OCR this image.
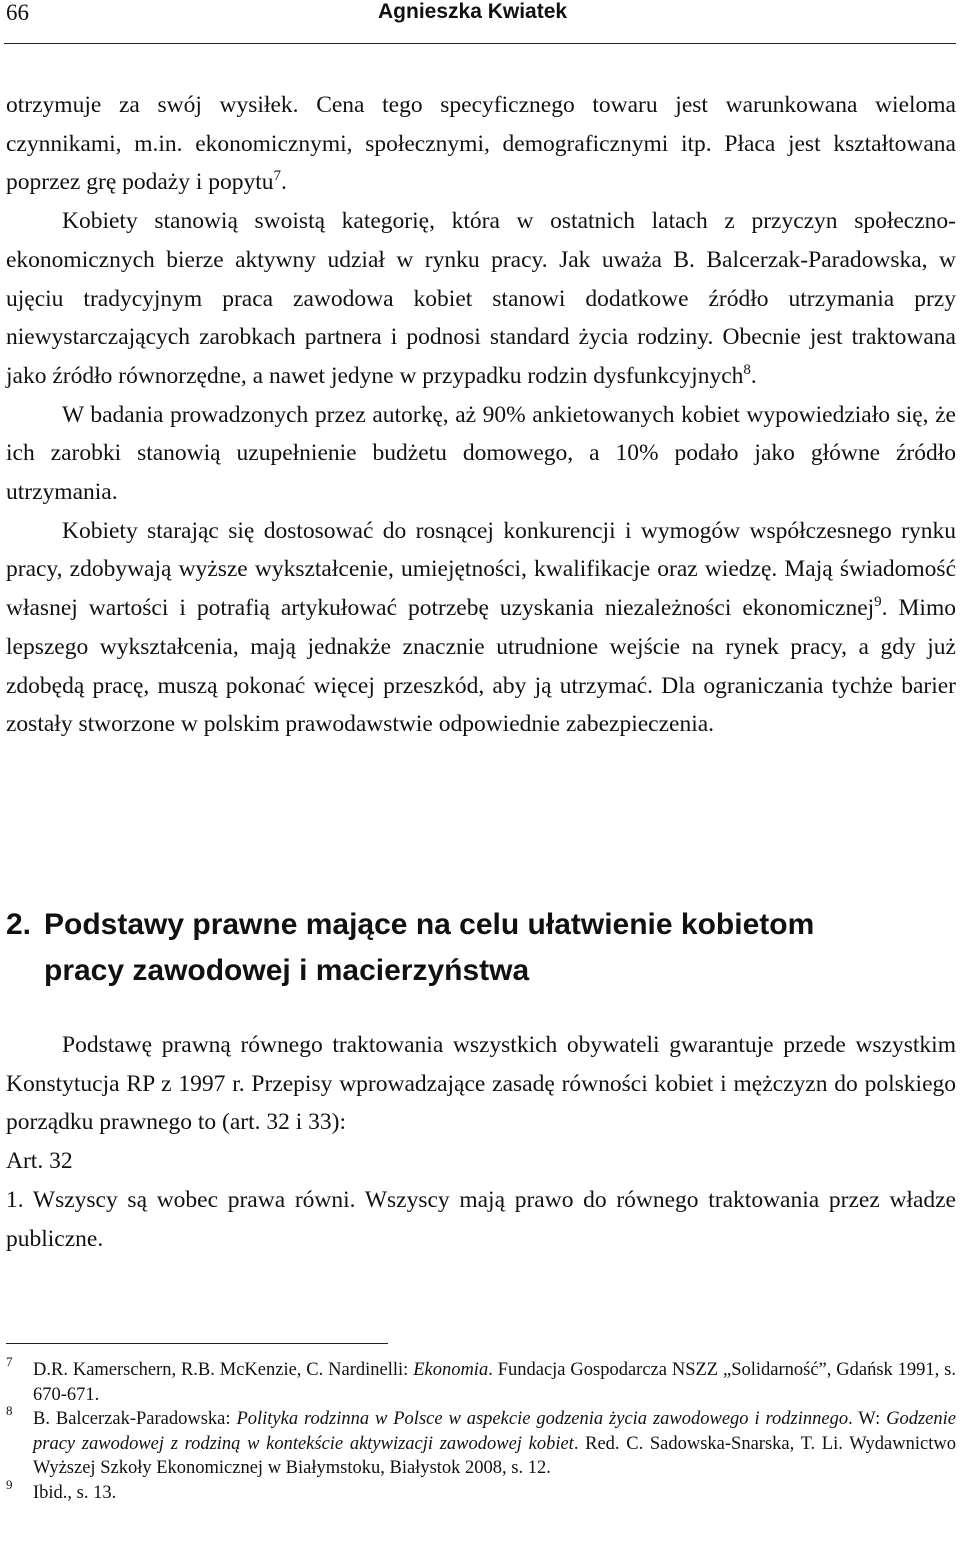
66	Agnieszka Kwiatek

otrzymuje za swój wysiłek. Cena tego specyficznego towaru jest warunkowana wieloma czynnikami, m.in. ekonomicznymi, społecznymi, demograficznymi itp. Płaca jest kształtowana poprzez grę podaży i popytu$^7$.

Kobiety stanowią swoistą kategorię, która w ostatnich latach z przyczyn społeczno-ekonomicznych bierze aktywny udział w rynku pracy. Jak uważa B. Balcerzak-Paradowska, w ujęciu tradycyjnym praca zawodowa kobiet stanowi dodatkowe źródło utrzymania przy niewystarczających zarobkach partnera i podnosi standard życia rodziny. Obecnie jest traktowana jako źródło równorzędne, a nawet jedyne w przypadku rodzin dysfunkcyjnych$^8$.

W badania prowadzonych przez autorkę, aż 90% ankietowanych kobiet wypowiedziało się, że ich zarobki stanowią uzupełnienie budżetu domowego, a 10% podało jako główne źródło utrzymania.

Kobiety starając się dostosować do rosnącej konkurencji i wymogów współczesnego rynku pracy, zdobywają wyższe wykształcenie, umiejętności, kwalifikacje oraz wiedzę. Mają świadomość własnej wartości i potrafią artykułować potrzebę uzyskania niezależności ekonomicznej$^9$. Mimo lepszego wykształcenia, mają jednakże znacznie utrudnione wejście na rynek pracy, a gdy już zdobędą pracę, muszą pokonać więcej przeszkód, aby ją utrzymać. Dla ograniczania tychże barier zostały stworzone w polskim prawodawstwie odpowiednie zabezpieczenia.

2. Podstawy prawne mające na celu ułatwienie kobietom
pracy zawodowej i macierzyństwa

Podstawę prawną równego traktowania wszystkich obywateli gwarantuje przede wszystkim Konstytucja RP z 1997 r. Przepisy wprowadzające zasadę równości kobiet i mężczyzn do polskiego porządku prawnego to (art. 32 i 33):

Art. 32

1. Wszyscy są wobec prawa równi. Wszyscy mają prawo do równego traktowania przez władze publiczne.

7 D.R. Kamerschern, R.B. McKenzie, C. Nardinelli: Ekonomia. Fundacja Gospodarcza NSZZ „Solidarność”, Gdańsk 1991, s. 670-671.
8 B. Balcerzak-Paradowska: Polityka rodzinna w Polsce w aspekcie godzenia życia zawodowego i rodzinnego. W: Godzenie pracy zawodowej z rodziną w kontekście aktywizacji zawodowej kobiet. Red. C. Sadowska-Snarska, T. Li. Wydawnictwo Wyższej Szkoły Ekonomicznej w Białymstoku, Białystok 2008, s. 12.
9 Ibid., s. 13.
